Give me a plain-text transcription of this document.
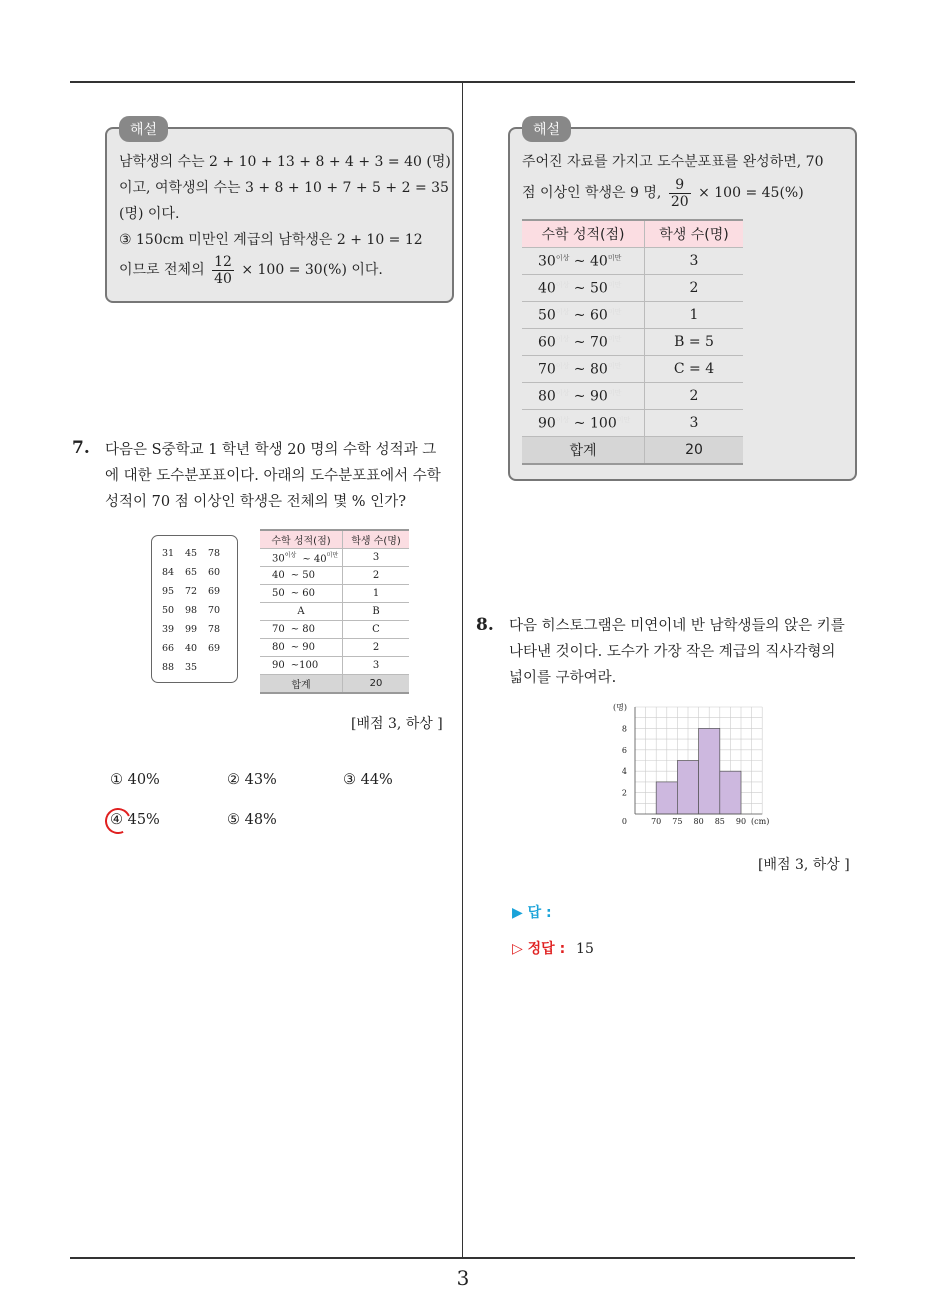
해설
남학생의 수는 2 + 10 + 13 + 8 + 4 + 3 = 40 (명)
이고, 여학생의 수는 3 + 8 + 10 + 7 + 5 + 2 = 35
(명) 이다.
③ 150cm 미만인 계급의 남학생은 2 + 10 = 12
이므로 전체의 $\frac{12}{40} \times 100 = 30(\%)$ 이다.
7. 다음은 S중학교 1 학년 학생 20 명의 수학 성적과 그
에 대한 도수분포표이다. 아래의 도수분포표에서 수학
성적이 70 점 이상인 학생은 전체의 몇 % 인가?
31	45	78
84	65	60
95	72	69
50	98	70
39	99	78
66	40	69
88	35	
수학 성적(점)	학생 수(명)
$30^{이상}$ ~ $40^{미만}$	3
40 ~ 50	2
50 ~ 60	1
A	B
70 ~ 80	C
80 ~ 90	2
90 ~100	3
합계	20
[배점 3, 하상 ]
① 40%	② 43%	③ 44%
④ 45%	⑤ 48%
해설
주어진 자료를 가지고 도수분포표를 완성하면, 70
점 이상인 학생은 9 명, $\frac{9}{20} \times 100 = 45(\%)$
수학 성적(점)	학생 수(명)
$30^{이상}$ ~ $40^{미만}$	3
$40^{이상}$ ~ $50^{미만}$	2
$50^{이상}$ ~ $60^{미만}$	1
$60^{이상}$ ~ $70^{미만}$	B = 5
$70^{이상}$ ~ $80^{미만}$	C = 4
$80^{이상}$ ~ $90^{미만}$	2
$90^{이상}$ ~ $100^{미만}$	3
합계	20
8. 다음 히스토그램은 미연이네 반 남학생들의 앉은 키를
나타낸 것이다. 도수가 가장 작은 계급의 직사각형의
넓이를 구하여라.
0
2
4
6
8
70 75 80 85 90 (cm)
(명)
[배점 3, 하상 ]
▶ 답 :
▷ 정답 : 15
3
